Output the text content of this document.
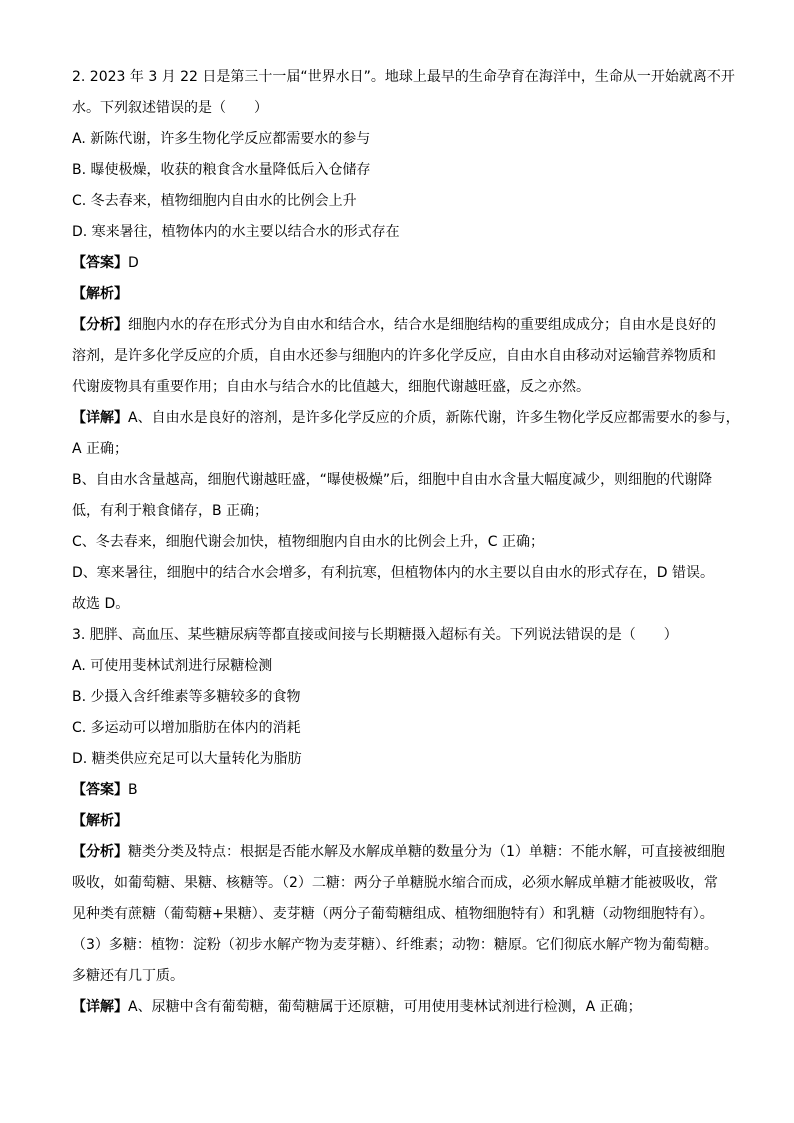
2. 2023 年 3 月 22 日是第三十一届“世界水日”。地球上最早的生命孕育在海洋中，生命从一开始就离不开
水。下列叙述错误的是（　　）
A. 新陈代谢，许多生物化学反应都需要水的参与
B. 曝使极燥，收获的粮食含水量降低后入仓储存
C. 冬去春来，植物细胞内自由水的比例会上升
D. 寒来暑往，植物体内的水主要以结合水的形式存在
【答案】D
【解析】
【分析】细胞内水的存在形式分为自由水和结合水，结合水是细胞结构的重要组成成分；自由水是良好的
溶剂，是许多化学反应的介质，自由水还参与细胞内的许多化学反应，自由水自由移动对运输营养物质和
代谢废物具有重要作用；自由水与结合水的比值越大，细胞代谢越旺盛，反之亦然。
【详解】A、自由水是良好的溶剂，是许多化学反应的介质，新陈代谢，许多生物化学反应都需要水的参与，
A 正确；
B、自由水含量越高，细胞代谢越旺盛，“曝使极燥”后，细胞中自由水含量大幅度减少，则细胞的代谢降
低，有利于粮食储存，B 正确；
C、冬去春来，细胞代谢会加快，植物细胞内自由水的比例会上升，C 正确；
D、寒来暑往，细胞中的结合水会增多，有利抗寒，但植物体内的水主要以自由水的形式存在，D 错误。
故选 D。
3. 肥胖、高血压、某些糖尿病等都直接或间接与长期糖摄入超标有关。下列说法错误的是（　　）
A. 可使用斐林试剂进行尿糖检测
B. 少摄入含纤维素等多糖较多的食物
C. 多运动可以增加脂肪在体内的消耗
D. 糖类供应充足可以大量转化为脂肪
【答案】B
【解析】
【分析】糖类分类及特点：根据是否能水解及水解成单糖的数量分为（1）单糖：不能水解，可直接被细胞
吸收，如葡萄糖、果糖、核糖等。（2）二糖：两分子单糖脱水缩合而成，必须水解成单糖才能被吸收，常
见种类有蔗糖（葡萄糖+果糖）、麦芽糖（两分子葡萄糖组成、植物细胞特有）和乳糖（动物细胞特有）。
（3）多糖：植物：淀粉（初步水解产物为麦芽糖）、纤维素；动物：糖原。它们彻底水解产物为葡萄糖。
多糖还有几丁质。
【详解】A、尿糖中含有葡萄糖，葡萄糖属于还原糖，可用使用斐林试剂进行检测，A 正确；
